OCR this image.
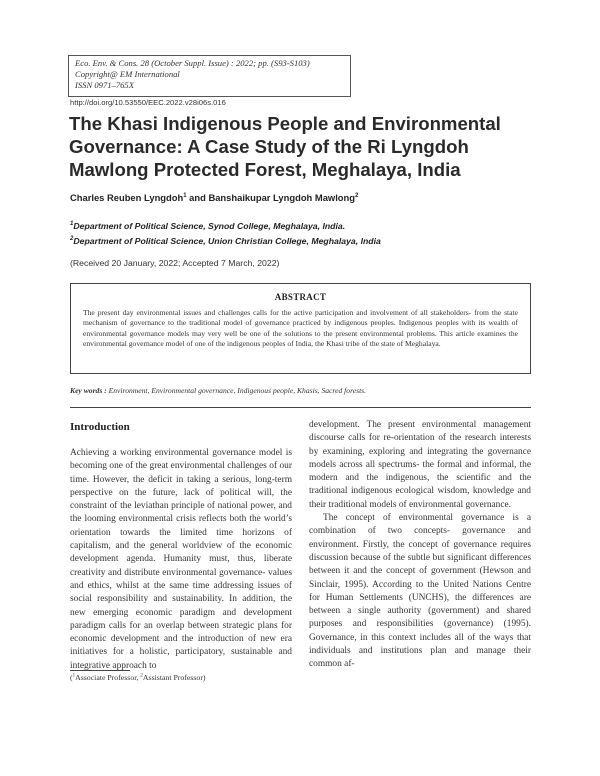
Eco. Env. & Cons. 28 (October Suppl. Issue) : 2022; pp. (S93-S103)
Copyright@ EM International
ISSN 0971–765X
http://doi.org/10.53550/EEC.2022.v28i06s.016
The Khasi Indigenous People and Environmental Governance: A Case Study of the Ri Lyngdoh Mawlong Protected Forest, Meghalaya, India
Charles Reuben Lyngdoh$^1$ and Banshaikupar Lyngdoh Mawlong$^2$
$^1$Department of Political Science, Synod College, Meghalaya, India.
$^2$Department of Political Science, Union Christian College, Meghalaya, India
(Received 20 January, 2022; Accepted 7 March, 2022)
ABSTRACT

The present day environmental issues and challenges calls for the active participation and involvement of all stakeholders- from the state mechanism of governance to the traditional model of governance practiced by indigenous peoples. Indigenous peoples with its wealth of environmental governance models may very well be one of the solutions to the present environmental problems. This article examines the environmental governance model of one of the indigenous peoples of India, the Khasi tribe of the state of Meghalaya.

Key words : Environment, Environmental governance, Indigenous people, Khasis, Sacred forests.
Introduction

Achieving a working environmental governance model is becoming one of the great environmental challenges of our time. However, the deficit in taking a serious, long-term perspective on the future, lack of political will, the constraint of the leviathan principle of national power, and the looming environmental crisis reflects both the world’s orientation towards the limited time horizons of capitalism, and the general worldview of the economic development agenda. Humanity must, thus, liberate creativity and distribute environmental governance- values and ethics, whilst at the same time addressing issues of social responsibility and sustainability. In addition, the new emerging economic paradigm and development paradigm calls for an overlap between strategic plans for economic development and the introduction of new era initiatives for a holistic, participatory, sustainable and integrative approach to

development. The present environmental management discourse calls for re-orientation of the research interests by examining, exploring and integrating the governance models across all spectrums- the formal and informal, the modern and the indigenous, the scientific and the traditional indigenous ecological wisdom, knowledge and their traditional models of environmental governance.

The concept of environmental governance is a combination of two concepts- governance and environment. Firstly, the concept of governance requires discussion because of the subtle but significant differences between it and the concept of government (Hewson and Sinclair, 1995). According to the United Nations Centre for Human Settlements (UNCHS), the differences are between a single authority (government) and shared purposes and responsibilities (governance) (1995). Governance, in this context includes all of the ways that individuals and institutions plan and manage their common af-

($^1$Associate Professor, $^2$Assistant Professor)
